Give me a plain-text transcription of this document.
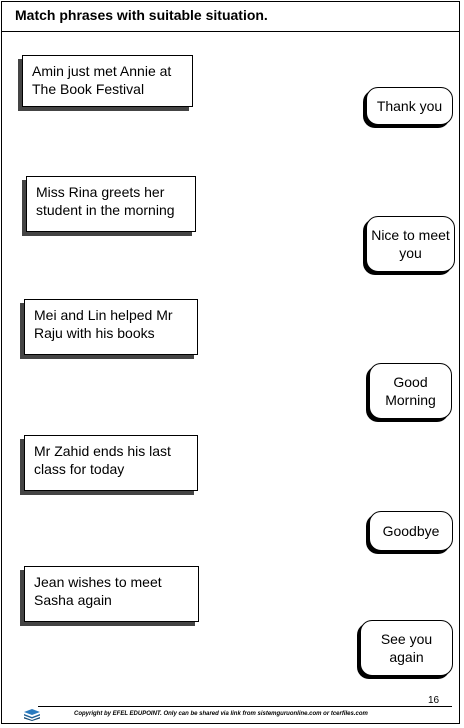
Match phrases with suitable situation.
Amin just met Annie at The Book Festival
Miss Rina greets her student in the morning
Mei and Lin helped Mr Raju with his books
Mr Zahid ends his last class for today
Jean wishes to meet Sasha again
Thank you
Nice to meet you
Good Morning
Goodbye
See you again
16
Copyright by EFEL EDUPOINT. Only can be shared via link from sistemguruonline.com or tcerfiles.com
